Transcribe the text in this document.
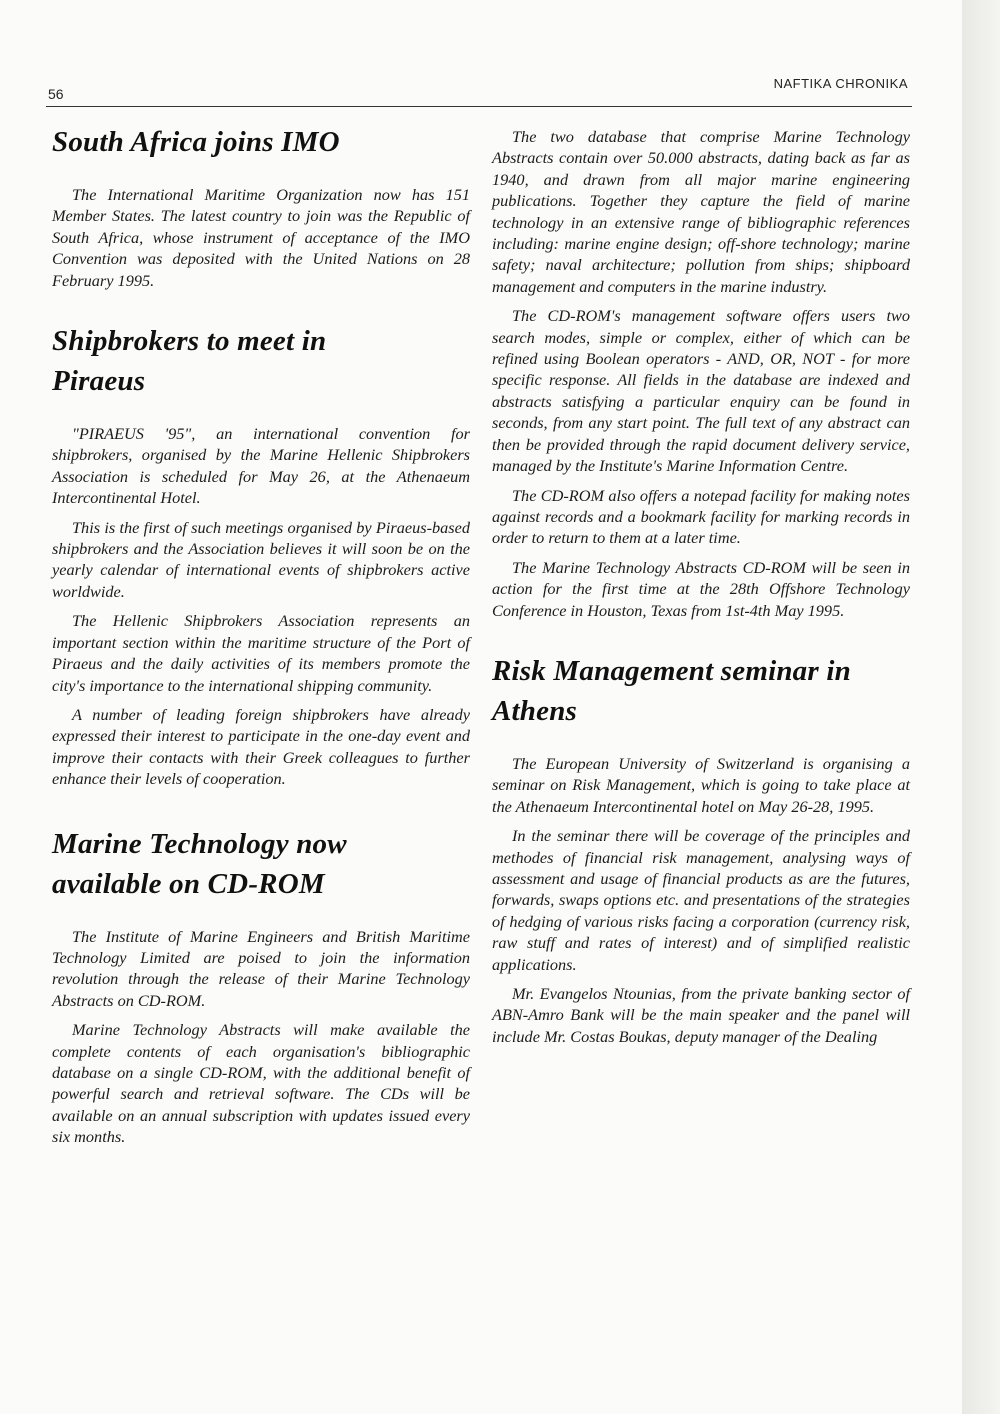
56
NAFTIKA CHRONIKA
South Africa joins IMO

The International Maritime Organization now has 151 Member States. The latest country to join was the Republic of South Africa, whose instrument of acceptance of the IMO Convention was deposited with the United Nations on 28 February 1995.

Shipbrokers to meet in
Piraeus

"PIRAEUS '95", an international convention for shipbrokers, organised by the Marine Hellenic Shipbrokers Association is scheduled for May 26, at the Athenaeum Intercontinental Hotel.

This is the first of such meetings organised by Piraeus-based shipbrokers and the Association believes it will soon be on the yearly calendar of international events of shipbrokers active worldwide.

The Hellenic Shipbrokers Association represents an important section within the maritime structure of the Port of Piraeus and the daily activities of its members promote the city's importance to the international shipping community.

A number of leading foreign shipbrokers have already expressed their interest to participate in the one-day event and improve their contacts with their Greek colleagues to further enhance their levels of cooperation.

Marine Technology now
available on CD-ROM

The Institute of Marine Engineers and British Maritime Technology Limited are poised to join the information revolution through the release of their Marine Technology Abstracts on CD-ROM.

Marine Technology Abstracts will make available the complete contents of each organisation's bibliographic database on a single CD-ROM, with the additional benefit of powerful search and retrieval software. The CDs will be available on an annual subscription with updates issued every six months.

The two database that comprise Marine Technology Abstracts contain over 50.000 abstracts, dating back as far as 1940, and drawn from all major marine engineering publications. Together they capture the field of marine technology in an extensive range of bibliographic references including: marine engine design; off-shore technology; marine safety; naval architecture; pollution from ships; shipboard management and computers in the marine industry.

The CD-ROM's management software offers users two search modes, simple or complex, either of which can be refined using Boolean operators - AND, OR, NOT - for more specific response. All fields in the database are indexed and abstracts satisfying a particular enquiry can be found in seconds, from any start point. The full text of any abstract can then be provided through the rapid document delivery service, managed by the Institute's Marine Information Centre.

The CD-ROM also offers a notepad facility for making notes against records and a bookmark facility for marking records in order to return to them at a later time.

The Marine Technology Abstracts CD-ROM will be seen in action for the first time at the 28th Offshore Technology Conference in Houston, Texas from 1st-4th May 1995.

Risk Management seminar in
Athens

The European University of Switzerland is organising a seminar on Risk Management, which is going to take place at the Athenaeum Intercontinental hotel on May 26-28, 1995.

In the seminar there will be coverage of the principles and methodes of financial risk management, analysing ways of assessment and usage of financial products as are the futures, forwards, swaps options etc. and presentations of the strategies of hedging of various risks facing a corporation (currency risk, raw stuff and rates of interest) and of simplified realistic applications.

Mr. Evangelos Ntounias, from the private banking sector of ABN-Amro Bank will be the main speaker and the panel will include Mr. Costas Boukas, deputy manager of the Dealing
